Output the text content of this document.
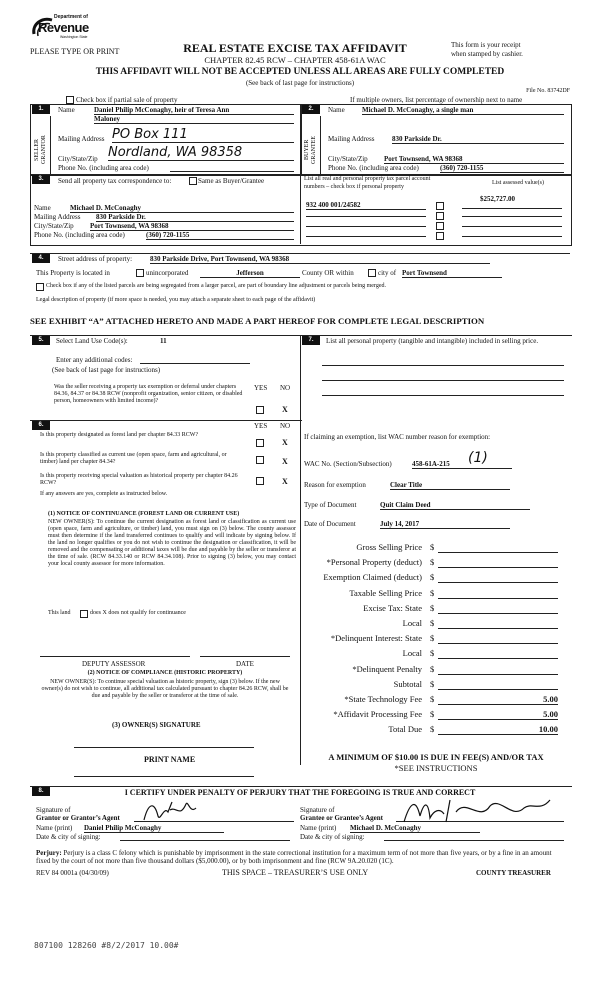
Department of
Revenue
Washington State
PLEASE TYPE OR PRINT	REAL ESTATE EXCISE TAX AFFIDAVIT
CHAPTER 82.45 RCW – CHAPTER 458-61A WAC
This form is your receipt
when stamped by cashier.
THIS AFFIDAVIT WILL NOT BE ACCEPTED UNLESS ALL AREAS ARE FULLY COMPLETED
(See back of last page for instructions)
File No. 83742DF
Check box if partial sale of property	If multiple owners, list percentage of ownership next to name
1.	2.
SELLER GRANTOR	BUYER GRANTEE
Name	Daniel Philip McConaghy, heir of Teresa Ann
Maloney
Mailing Address PO Box 111
City/State/Zip Nordland, WA 98358
Phone No. (including area code)
Name Michael D. McConaghy, a single man
Mailing Address	830 Parkside Dr.
City/State/Zip Port Townsend, WA 98368
Phone No. (including area code)	(360) 720-1155
3.	Send all property tax correspondence to:	Same as Buyer/Grantee
Name	Michael D. McConaghy
Mailing Address 830 Parkside Dr.
City/State/Zip Port Townsend, WA 98368
Phone No. (including area code)	(360) 720-1155
List all real and personal property tax parcel account
numbers – check box if personal property
List assessed value(s)
932 400 001/24582
$252,727.00
4.	Street address of property:	830 Parkside Drive, Port Townsend, WA 98368
This Property is located in	unincorporated	Jefferson	County OR within	city of Port Townsend
Check box if any of the listed parcels are being segregated from a larger parcel, are part of boundary line adjustment or parcels being merged.
Legal description of property (if more space is needed, you may attach a separate sheet to each page of the affidavit)
SEE EXHIBIT “A” ATTACHED HERETO AND MADE A PART HEREOF FOR COMPLETE LEGAL DESCRIPTION
5.	Select Land Use Code(s):	11
Enter any additional codes:
(See back of last page for instructions)
YES NO
Was the seller receiving a property tax exemption or deferral under chapters 84.36, 84.37 or 84.38 RCW (nonprofit organization, senior citizen, or disabled person, homeowners with limited income)?
X
6.	YES NO
Is this property designated as forest land per chapter 84.33 RCW?
X
Is this property classified as current use (open space, farm and agricultural, or timber) land per chapter 84.34?	X
Is this property receiving special valuation as historical property per chapter 84.26 RCW?	X
If any answers are yes, complete as instructed below.
(1) NOTICE OF CONTINUANCE (FOREST LAND OR CURRENT USE)
NEW OWNER(S): To continue the current designation as forest land or classification as current use (open space, farm and agriculture, or timber) land, you must sign on (3) below. The county assessor must then determine if the land transferred continues to qualify and will indicate by signing below. If the land no longer qualifies or you do not wish to continue the designation or classification, it will be removed and the compensating or additional taxes will be due and payable by the seller or transferor at the time of sale. (RCW 84.33.140 or RCW 84.34.108). Prior to signing (3) below, you may contact your local county assessor for more information.
This land	does X does not qualify for continuance
DEPUTY ASSESSOR	DATE
(2) NOTICE OF COMPLIANCE (HISTORIC PROPERTY)
NEW OWNER(S): To continue special valuation as historic property, sign (3) below. If the new owner(s) do not wish to continue, all additional tax calculated pursuant to chapter 84.26 RCW, shall be due and payable by the seller or transferor at the time of sale.
(3) OWNER(S) SIGNATURE
PRINT NAME
7.	List all personal property (tangible and intangible) included in selling price.
If claiming an exemption, list WAC number reason for exemption:
WAC No. (Section/Subsection)	458-61A-215	(1)
Reason for exemption	Clear Title
Type of Document	Quit Claim Deed
Date of Document	July 14, 2017
Gross Selling Price $
*Personal Property (deduct) $
Exemption Claimed (deduct) $
Taxable Selling Price $
Excise Tax: State $
Local $
*Delinquent Interest: State $
Local $
*Delinquent Penalty $
Subtotal $
*State Technology Fee $	5.00
*Affidavit Processing Fee $	5.00
Total Due $	10.00
A MINIMUM OF $10.00 IS DUE IN FEE(S) AND/OR TAX
*SEE INSTRUCTIONS
8.	I CERTIFY UNDER PENALTY OF PERJURY THAT THE FOREGOING IS TRUE AND CORRECT
Signature of
Grantor or Grantor’s Agent
Name (print) Daniel Philip McConaghy
Date & city of signing:
Signature of
Grantee or Grantee’s Agent
Name (print) Michael D. McConaghy
Date & city of signing:
Perjury: Perjury is a class C felony which is punishable by imprisonment in the state correctional institution for a maximum term of not more than five years, or by a fine in an amount fixed by the court of not more than five thousand dollars ($5,000.00), or by both imprisonment and fine (RCW 9A.20.020 (1C).
REV 84 0001a (04/30/09)	THIS SPACE – TREASURER’S USE ONLY	COUNTY TREASURER
807100 128260 #8/2/2017 10.00#
